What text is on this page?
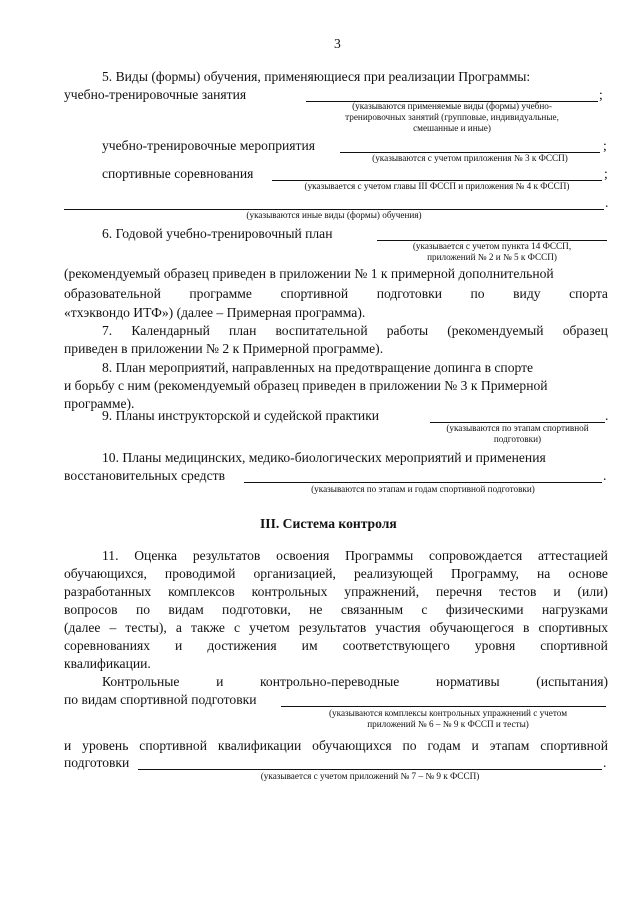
3
5. Виды (формы) обучения, применяющиеся при реализации Программы:
учебно-тренировочные занятия	;
(указываются применяемые виды (формы) учебно-
тренировочных занятий (групповые, индивидуальные,
смешанные и иные)
учебно-тренировочные мероприятия	;
(указываются с учетом приложения № 3 к ФССП)
спортивные соревнования	;
(указывается с учетом главы III ФССП и приложения № 4 к ФССП)
.
(указываются иные виды (формы) обучения)
6. Годовой учебно-тренировочный план
(указывается с учетом пункта 14 ФССП,
приложений № 2 и № 5 к ФССП)
(рекомендуемый образец приведен в приложении № 1 к примерной дополнительной
образовательной программе спортивной подготовки по виду спорта
«тхэквондо ИТФ») (далее – Примерная программа).
7. Календарный план воспитательной работы (рекомендуемый образец
приведен в приложении № 2 к Примерной программе).
8. План мероприятий, направленных на предотвращение допинга в спорте
и борьбу с ним (рекомендуемый образец приведен в приложении № 3 к Примерной
программе).
9. Планы инструкторской и судейской практики	.
(указываются по этапам спортивной
подготовки)
10. Планы медицинских, медико-биологических мероприятий и применения
восстановительных средств	.
(указываются по этапам и годам спортивной подготовки)
III. Система контроля
11. Оценка результатов освоения Программы сопровождается аттестацией
обучающихся, проводимой организацией, реализующей Программу, на основе
разработанных комплексов контрольных упражнений, перечня тестов и (или)
вопросов по видам подготовки, не связанным с физическими нагрузками
(далее – тесты), а также с учетом результатов участия обучающегося в спортивных
соревнованиях и достижения им соответствующего уровня спортивной
квалификации.
Контрольные	и	контрольно-переводные	нормативы	(испытания)
по видам спортивной подготовки
(указываются комплексы контрольных упражнений с учетом
приложений № 6 – № 9 к ФССП и тесты)
и уровень спортивной квалификации обучающихся по годам и этапам спортивной
подготовки	.
(указывается с учетом приложений № 7 – № 9 к ФССП)
